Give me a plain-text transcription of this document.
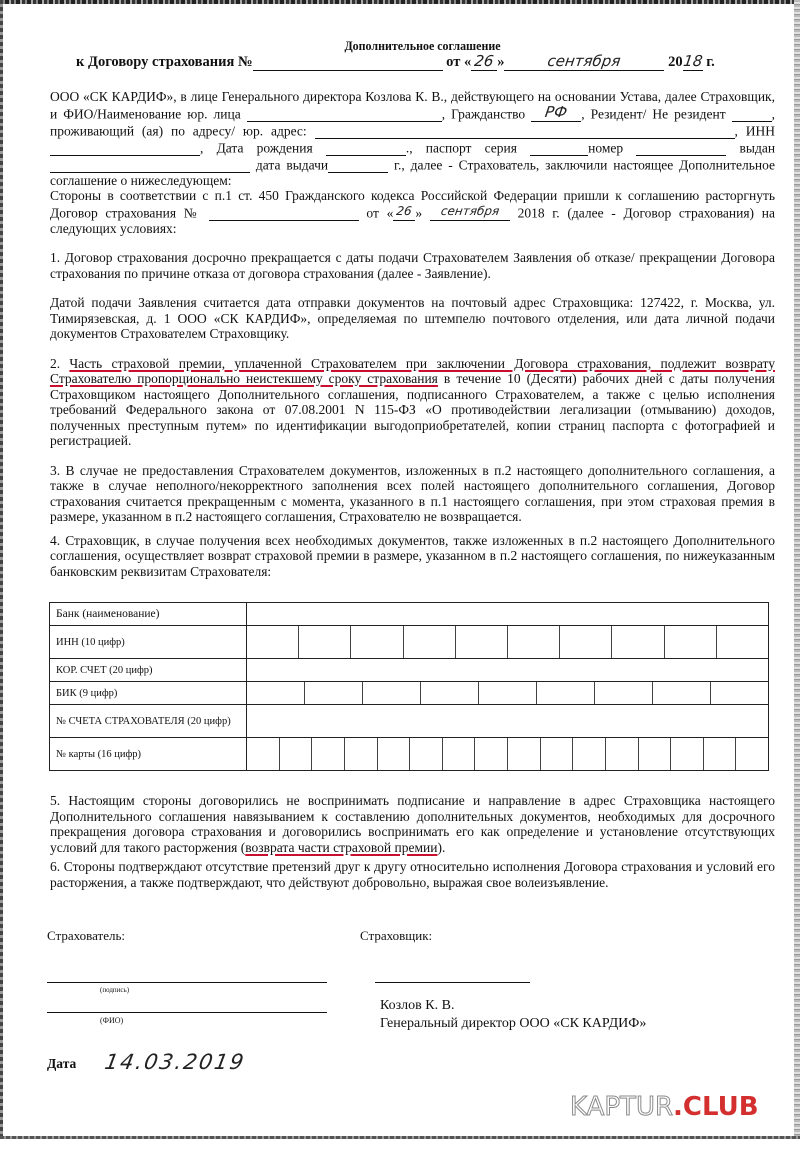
Дополнительное соглашение
к Договору страхования №	от « 26 »	сентября	20 18 г.

ООО «СК КАРДИФ», в лице Генерального директора Козлова К. В., действующего на основании Устава, далее Страховщик, и ФИО/Наименование юр. лица	, Гражданство	РФ , Резидент/ Не резидент	, проживающий (ая) по адресу/ юр. адрес:	, ИНН, Дата рождения	., паспорт серия	номер	выдан  дата выдачи	г., далее - Страхователь, заключили настоящее Дополнительное соглашение о нижеследующем:

Стороны в соответствии с п.1 ст. 450 Гражданского кодекса Российской Федерации пришли к соглашению расторгнуть Договор страхования №	от « 26 »	сентября	2018 г. (далее - Договор страхования) на следующих условиях:

1. Договор страхования досрочно прекращается с даты подачи Страхователем Заявления об отказе/ прекращении Договора страхования по причине отказа от договора страхования (далее - Заявление).

Датой подачи Заявления считается дата отправки документов на почтовый адрес Страховщика: 127422, г. Москва, ул. Тимирязевская, д. 1 ООО «СК КАРДИФ», определяемая по штемпелю почтового отделения, или дата личной подачи документов Страхователем Страховщику.

2. Часть страховой премии, уплаченной Страхователем при заключении Договора страхования, подлежит возврату Страхователю пропорционально неистекшему сроку страхования в течение 10 (Десяти) рабочих дней с даты получения Страховщиком настоящего Дополнительного соглашения, подписанного Страхователем, а также с целью исполнения требований Федерального закона от 07.08.2001 N 115-ФЗ «О противодействии легализации (отмыванию) доходов, полученных преступным путем» по идентификации выгодоприобретателей, копии страниц паспорта с фотографией и регистрацией.

3. В случае не предоставления Страхователем документов, изложенных в п.2 настоящего дополнительного соглашения, а также в случае неполного/некорректного заполнения всех полей настоящего дополнительного соглашения, Договор страхования считается прекращенным с момента, указанного в п.1 настоящего соглашения, при этом страховая премия в размере, указанном в п.2 настоящего соглашения, Страхователю не возвращается.

4. Страховщик, в случае получения всех необходимых документов, также изложенных в п.2 настоящего Дополнительного соглашения, осуществляет возврат страховой премии в размере, указанном в п.2 настоящего соглашения, по нижеуказанным банковским реквизитам Страхователя:

Банк (наименование)	
ИНН (10 цифр)	

КОР. СЧЕТ (20 цифр)	
БИК (9 цифр)	

№ СЧЕТА СТРАХОВАТЕЛЯ (20 цифр)	
№ карты (16 цифр)	

5. Настоящим стороны договорились не воспринимать подписание и направление в адрес Страховщика настоящего Дополнительного соглашения навязыванием к составлению дополнительных документов, необходимых для досрочного прекращения договора страхования и договорились воспринимать его как определение и установление отсутствующих условий для такого расторжения (возврата части страховой премии).

6. Стороны подтверждают отсутствие претензий друг к другу относительно исполнения Договора страхования и условий его расторжения, а также подтверждают, что действуют добровольно, выражая свое волеизъявление.

Страхователь:	Страховщик:
(подпись)
(ФИО)
Козлов К. В.
Генеральный директор ООО «СК КАРДИФ»
Дата 14.03.2019
KAPTUR.CLUB
